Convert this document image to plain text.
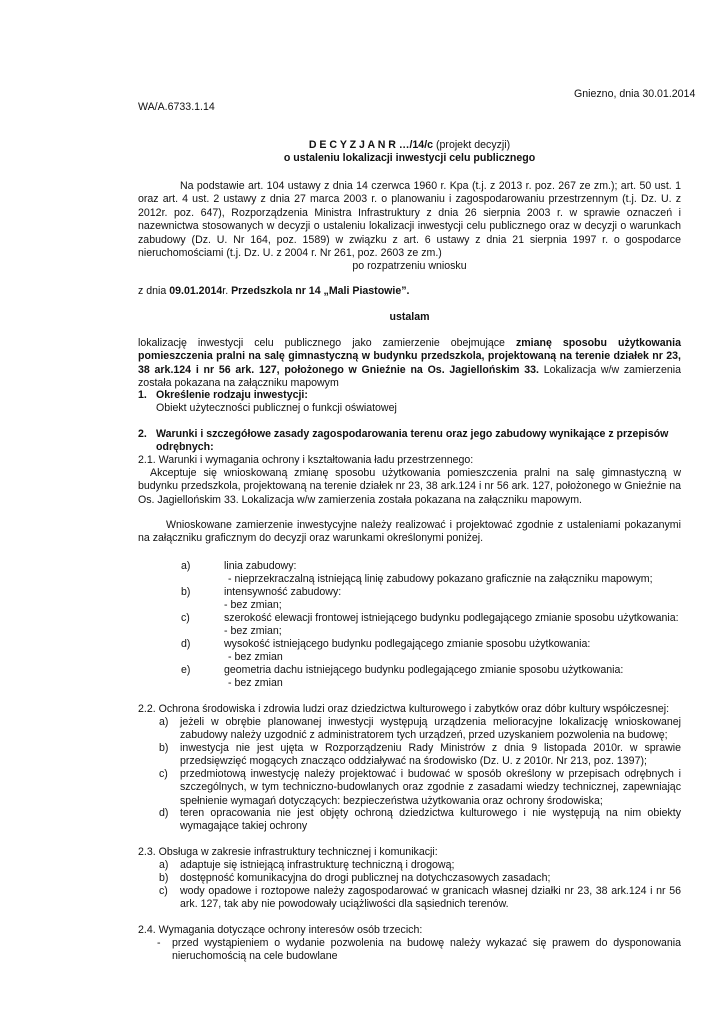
Gniezno, dnia 30.01.2014
WA/A.6733.1.14
D E C Y Z J A N R …/14/c (projekt decyzji)
o ustaleniu lokalizacji inwestycji celu publicznego
Na podstawie art. 104 ustawy z dnia 14 czerwca 1960 r. Kpa (t.j. z 2013 r. poz. 267 ze zm.); art. 50 ust. 1 oraz art. 4 ust. 2 ustawy z dnia 27 marca 2003 r. o planowaniu i zagospodarowaniu przestrzennym (t.j. Dz. U. z 2012r. poz. 647), Rozporządzenia Ministra Infrastruktury z dnia 26 sierpnia 2003 r. w sprawie oznaczeń i nazewnictwa stosowanych w decyzji o ustaleniu lokalizacji inwestycji celu publicznego oraz w decyzji o warunkach zabudowy (Dz. U. Nr 164, poz. 1589) w związku z art. 6 ustawy z dnia 21 sierpnia 1997 r. o gospodarce nieruchomościami (t.j. Dz. U. z 2004 r. Nr 261, poz. 2603 ze zm.)
po rozpatrzeniu wniosku
z dnia 09.01.2014r. Przedszkola nr 14 „Mali Piastowie”.
ustalam
lokalizację inwestycji celu publicznego jako zamierzenie obejmujące zmianę sposobu użytkowania pomieszczenia pralni na salę gimnastyczną w budynku przedszkola, projektowaną na terenie działek nr 23, 38 ark.124 i nr 56 ark. 127, położonego w Gnieźnie na Os. Jagiellońskim 33. Lokalizacja w/w zamierzenia została pokazana na załączniku mapowym
1. Określenie rodzaju inwestycji:
Obiekt użyteczności publicznej o funkcji oświatowej
2. Warunki i szczegółowe zasady zagospodarowania terenu oraz jego zabudowy wynikające z przepisów odrębnych:
2.1. Warunki i wymagania ochrony i kształtowania ładu przestrzennego:
Akceptuje się wnioskowaną zmianę sposobu użytkowania pomieszczenia pralni na salę gimnastyczną w budynku przedszkola, projektowaną na terenie działek nr 23, 38 ark.124 i nr 56 ark. 127, położonego w Gnieźnie na Os. Jagiellońskim 33. Lokalizacja w/w zamierzenia została pokazana na załączniku mapowym.
Wnioskowane zamierzenie inwestycyjne należy realizować i projektować zgodnie z ustaleniami pokazanymi na załączniku graficznym do decyzji oraz warunkami określonymi poniżej.
a)	linia zabudowy:
- nieprzekraczalną istniejącą linię zabudowy pokazano graficznie na załączniku mapowym;
b)	intensywność zabudowy:
- bez zmian;
c)	szerokość elewacji frontowej istniejącego budynku podlegającego zmianie sposobu użytkowania:
- bez zmian;
d)	wysokość istniejącego budynku podlegającego zmianie sposobu użytkowania:
- bez zmian
e)	geometria dachu istniejącego budynku podlegającego zmianie sposobu użytkowania:
- bez zmian
2.2. Ochrona środowiska i zdrowia ludzi oraz dziedzictwa kulturowego i zabytków oraz dóbr kultury współczesnej:
a) jeżeli w obrębie planowanej inwestycji występują urządzenia melioracyjne lokalizację wnioskowanej zabudowy należy uzgodnić z administratorem tych urządzeń, przed uzyskaniem pozwolenia na budowę;
b) inwestycja nie jest ujęta w Rozporządzeniu Rady Ministrów z dnia 9 listopada 2010r. w sprawie przedsięwzięć mogących znacząco oddziaływać na środowisko (Dz. U. z 2010r. Nr 213, poz. 1397);
c) przedmiotową inwestycję należy projektować i budować w sposób określony w przepisach odrębnych i szczególnych, w tym techniczno-budowlanych oraz zgodnie z zasadami wiedzy technicznej, zapewniając spełnienie wymagań dotyczących: bezpieczeństwa użytkowania oraz ochrony środowiska;
d) teren opracowania nie jest objęty ochroną dziedzictwa kulturowego i nie występują na nim obiekty wymagające takiej ochrony
2.3. Obsługa w zakresie infrastruktury technicznej i komunikacji:
a) adaptuje się istniejącą infrastrukturę techniczną i drogową;
b) dostępność komunikacyjna do drogi publicznej na dotychczasowych zasadach;
c) wody opadowe i roztopowe należy zagospodarować w granicach własnej działki nr 23, 38 ark.124 i nr 56 ark. 127, tak aby nie powodowały uciążliwości dla sąsiednich terenów.
2.4. Wymagania dotyczące ochrony interesów osób trzecich:
- przed wystąpieniem o wydanie pozwolenia na budowę należy wykazać się prawem do dysponowania nieruchomością na cele budowlane
